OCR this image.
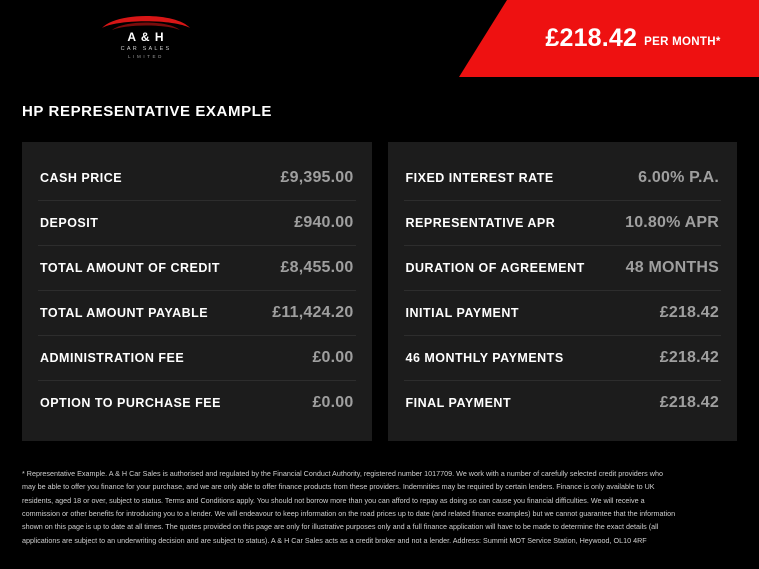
A & H
CAR SALES
LIMITED
£218.42 PER MONTH*
HP REPRESENTATIVE EXAMPLE
CASH PRICE	£9,395.00
DEPOSIT	£940.00
TOTAL AMOUNT OF CREDIT	£8,455.00
TOTAL AMOUNT PAYABLE	£11,424.20
ADMINISTRATION FEE	£0.00
OPTION TO PURCHASE FEE	£0.00
FIXED INTEREST RATE	6.00% P.A.
REPRESENTATIVE APR	10.80% APR
DURATION OF AGREEMENT	48 MONTHS
INITIAL PAYMENT	£218.42
46 MONTHLY PAYMENTS	£218.42
FINAL PAYMENT	£218.42
* Representative Example. A & H Car Sales is authorised and regulated by the Financial Conduct Authority, registered number 1017709. We work with a number of carefully selected credit providers who may be able to offer you finance for your purchase, and we are only able to offer finance products from these providers. Indemnities may be required by certain lenders. Finance is only available to UK residents, aged 18 or over, subject to status. Terms and Conditions apply. You should not borrow more than you can afford to repay as doing so can cause you financial difficulties. We will receive a commission or other benefits for introducing you to a lender. We will endeavour to keep information on the road prices up to date (and related finance examples) but we cannot guarantee that the information shown on this page is up to date at all times. The quotes provided on this page are only for illustrative purposes only and a full finance application will have to be made to determine the exact details (all applications are subject to an underwriting decision and are subject to status). A & H Car Sales acts as a credit broker and not a lender. Address: Summit MOT Service Station, Heywood, OL10 4RF
